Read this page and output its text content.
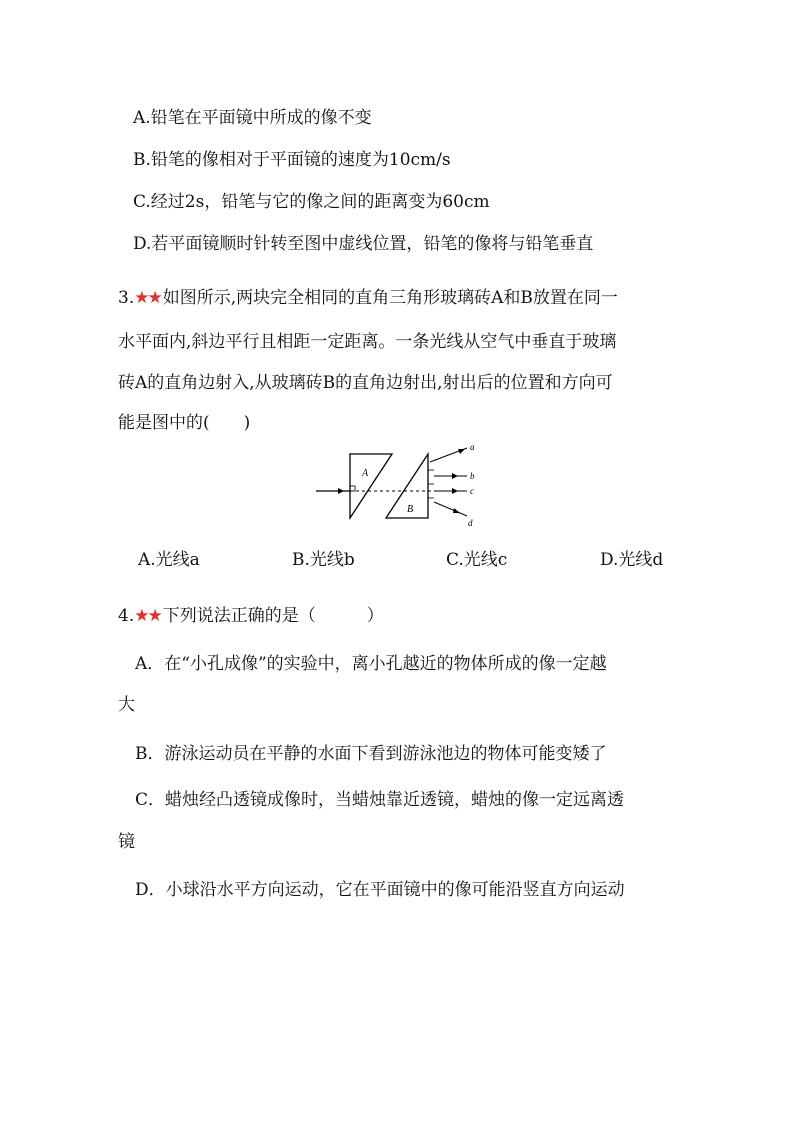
A.铅笔在平面镜中所成的像不变
B.铅笔的像相对于平面镜的速度为10cm/s
C.经过2s，铅笔与它的像之间的距离变为60cm
D.若平面镜顺时针转至图中虚线位置，铅笔的像将与铅笔垂直
3.★★ 如图所示,两块完全相同的直角三角形玻璃砖A和B放置在同一
水平面内,斜边平行且相距一定距离。一条光线从空气中垂直于玻璃
砖A的直角边射入,从玻璃砖B的直角边射出,射出后的位置和方向可
能是图中的(　　)
A
B
a
b
c
d
A.光线a	B.光线b	C.光线c	D.光线d
4.★★ 下列说法正确的是（　　　）
A．在“小孔成像”的实验中，离小孔越近的物体所成的像一定越
大
B．游泳运动员在平静的水面下看到游泳池边的物体可能变矮了
C．蜡烛经凸透镜成像时，当蜡烛靠近透镜，蜡烛的像一定远离透
镜
D．小球沿水平方向运动，它在平面镜中的像可能沿竖直方向运动
